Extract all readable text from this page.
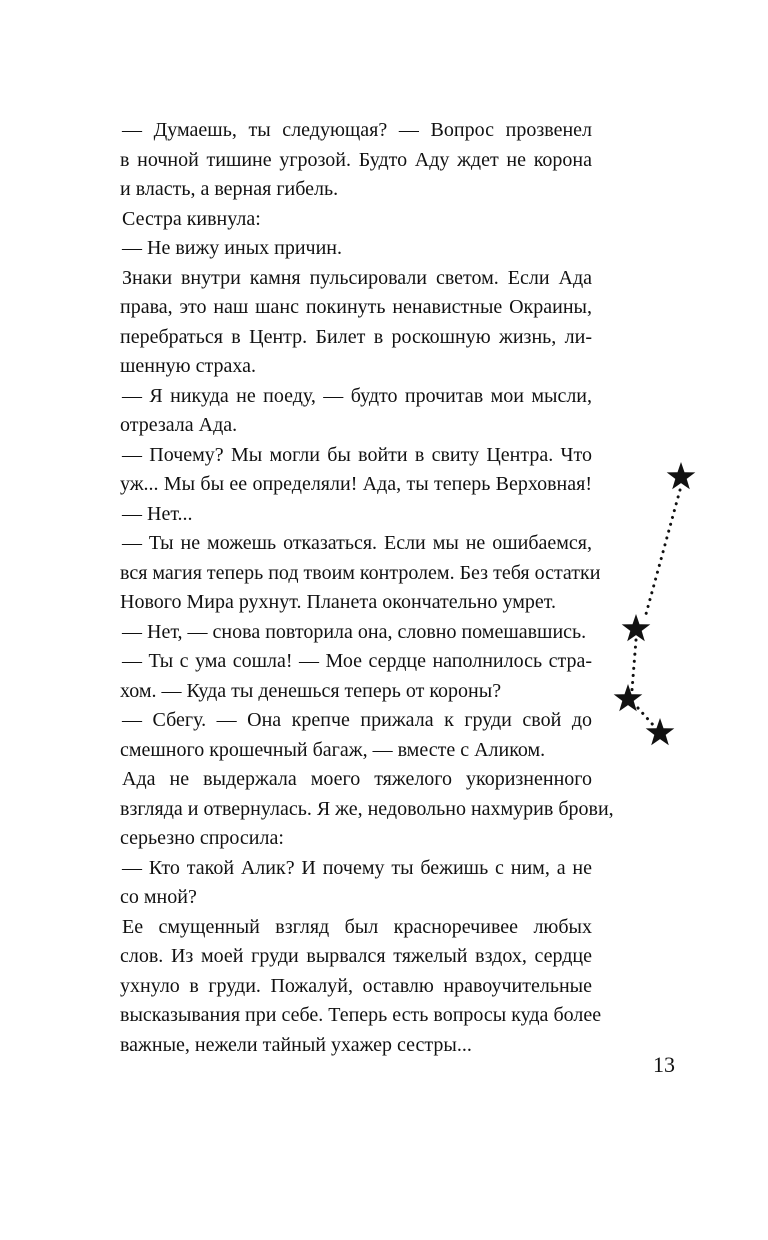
— Думаешь, ты следующая? — Вопрос прозвенел
в ночной тишине угрозой. Будто Аду ждет не корона
и власть, а верная гибель.

Сестра кивнула:

— Не вижу иных причин.

Знаки внутри камня пульсировали светом. Если Ада
права, это наш шанс покинуть ненавистные Окраины,
перебраться в Центр. Билет в роскошную жизнь, ли-
шенную страха.

— Я никуда не поеду, — будто прочитав мои мысли,
отрезала Ада.

— Почему? Мы могли бы войти в свиту Центра. Что
уж... Мы бы ее определяли! Ада, ты теперь Верховная!

— Нет...

— Ты не можешь отказаться. Если мы не ошибаемся,
вся магия теперь под твоим контролем. Без тебя остатки
Нового Мира рухнут. Планета окончательно умрет.

— Нет, — снова повторила она, словно помешавшись.

— Ты с ума сошла! — Мое сердце наполнилось стра-
хом. — Куда ты денешься теперь от короны?

— Сбегу. — Она крепче прижала к груди свой до
смешного крошечный багаж, — вместе с Аликом.

Ада не выдержала моего тяжелого укоризненного
взгляда и отвернулась. Я же, недовольно нахмурив брови,
серьезно спросила:

— Кто такой Алик? И почему ты бежишь с ним, а не
со мной?

Ее смущенный взгляд был красноречивее любых
слов. Из моей груди вырвался тяжелый вздох, сердце
ухнуло в груди. Пожалуй, оставлю нравоучительные
высказывания при себе. Теперь есть вопросы куда более
важные, нежели тайный ухажер сестры...

13
